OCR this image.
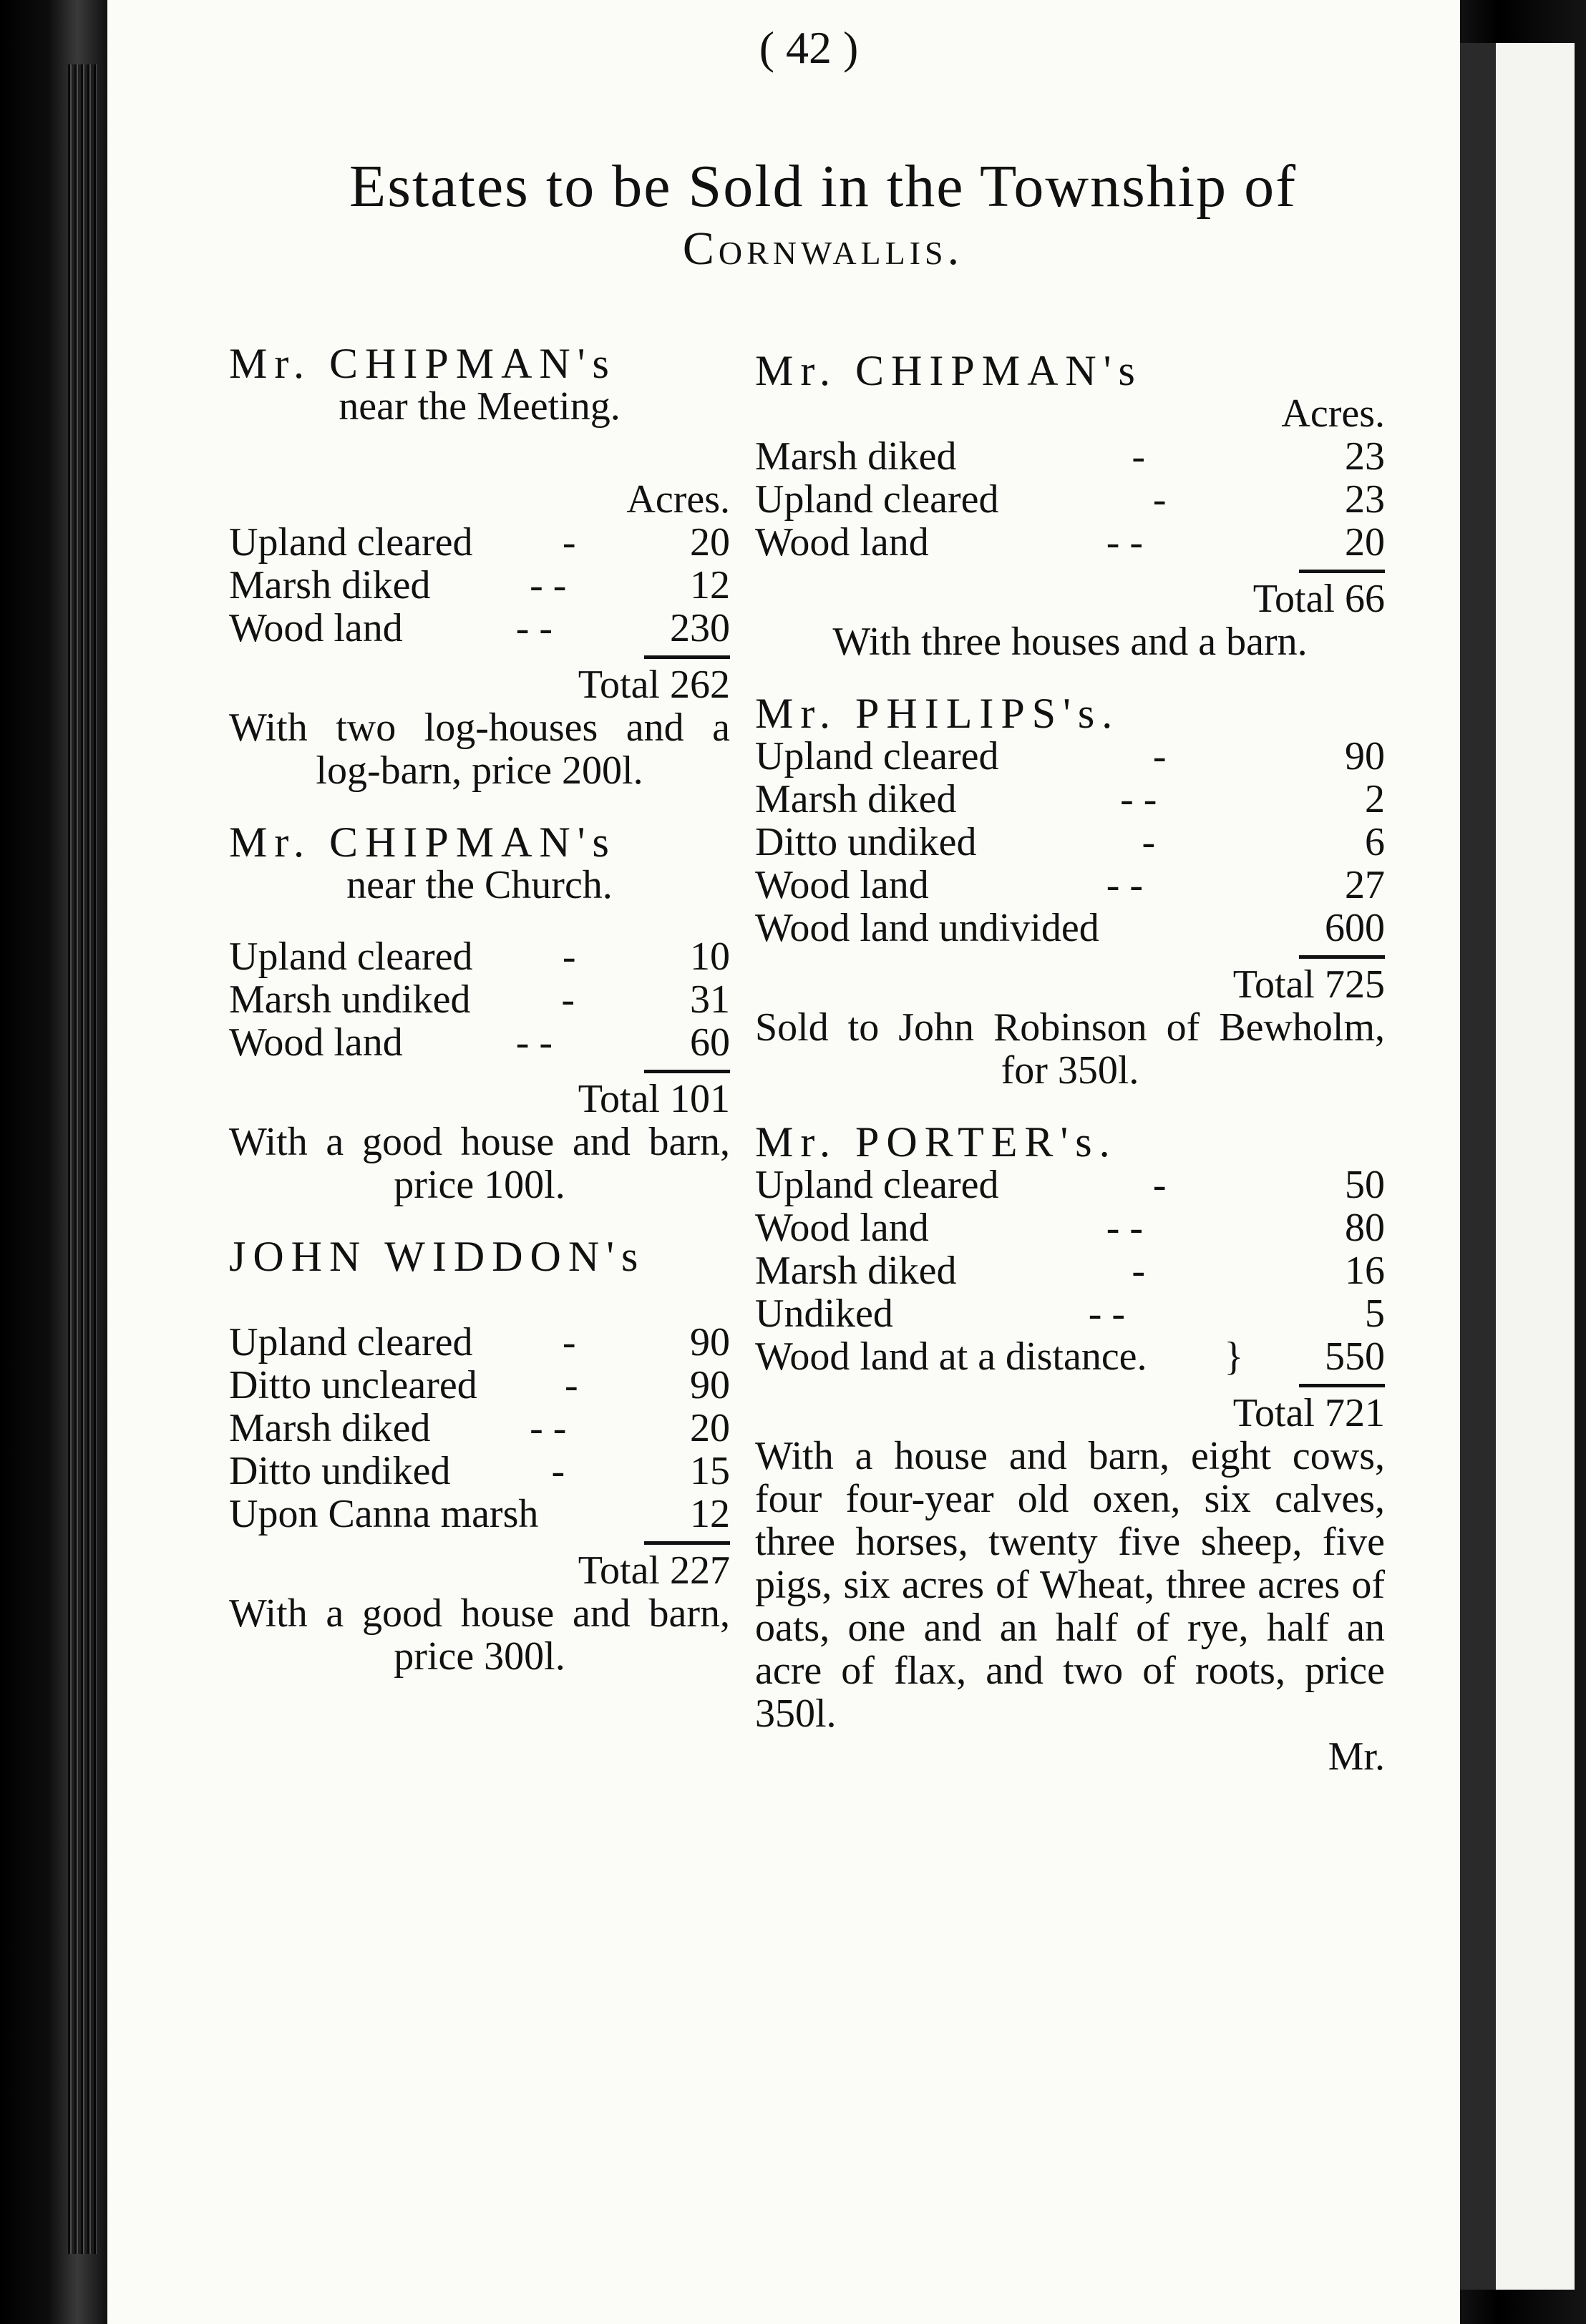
( 42 )
Estates to be Sold in the Township of
Cornwallis.
Mr. CHIPMAN's
near the Meeting.
Acres.
Upland cleared	-	20
Marsh diked	- -	12
Wood land	- -	230
Total 262
With two log-houses and a log-barn, price 200l.
Mr. CHIPMAN's
near the Church.
Upland cleared	-	10
Marsh undiked	-	31
Wood land	- -	60
Total 101
With a good house and barn, price 100l.
JOHN WIDDON's
Upland cleared	-	90
Ditto uncleared	-	90
Marsh diked	- -	20
Ditto undiked	-	15
Upon Canna marsh	12
Total 227
With a good house and barn, price 300l.
Mr. CHIPMAN's
Acres.
Marsh diked	-	23
Upland cleared	-	23
Wood land	- -	20
Total 66
With three houses and a barn.
Mr. PHILIPS's.
Upland cleared	-	90
Marsh diked	- -	2
Ditto undiked	-	6
Wood land	- -	27
Wood land undivided	600
Total 725
Sold to John Robinson of Bewholm, for 350l.
Mr. PORTER's.
Upland cleared	-	50
Wood land	- -	80
Marsh diked	-	16
Undiked	- -	5
Wood land at a distance.	}	550
Total 721
With a house and barn, eight cows, four four-year old oxen, six calves, three horses, twenty five sheep, five pigs, six acres of Wheat, three acres of oats, one and an half of rye, half an acre of flax, and two of roots, price 350l.
Mr.
